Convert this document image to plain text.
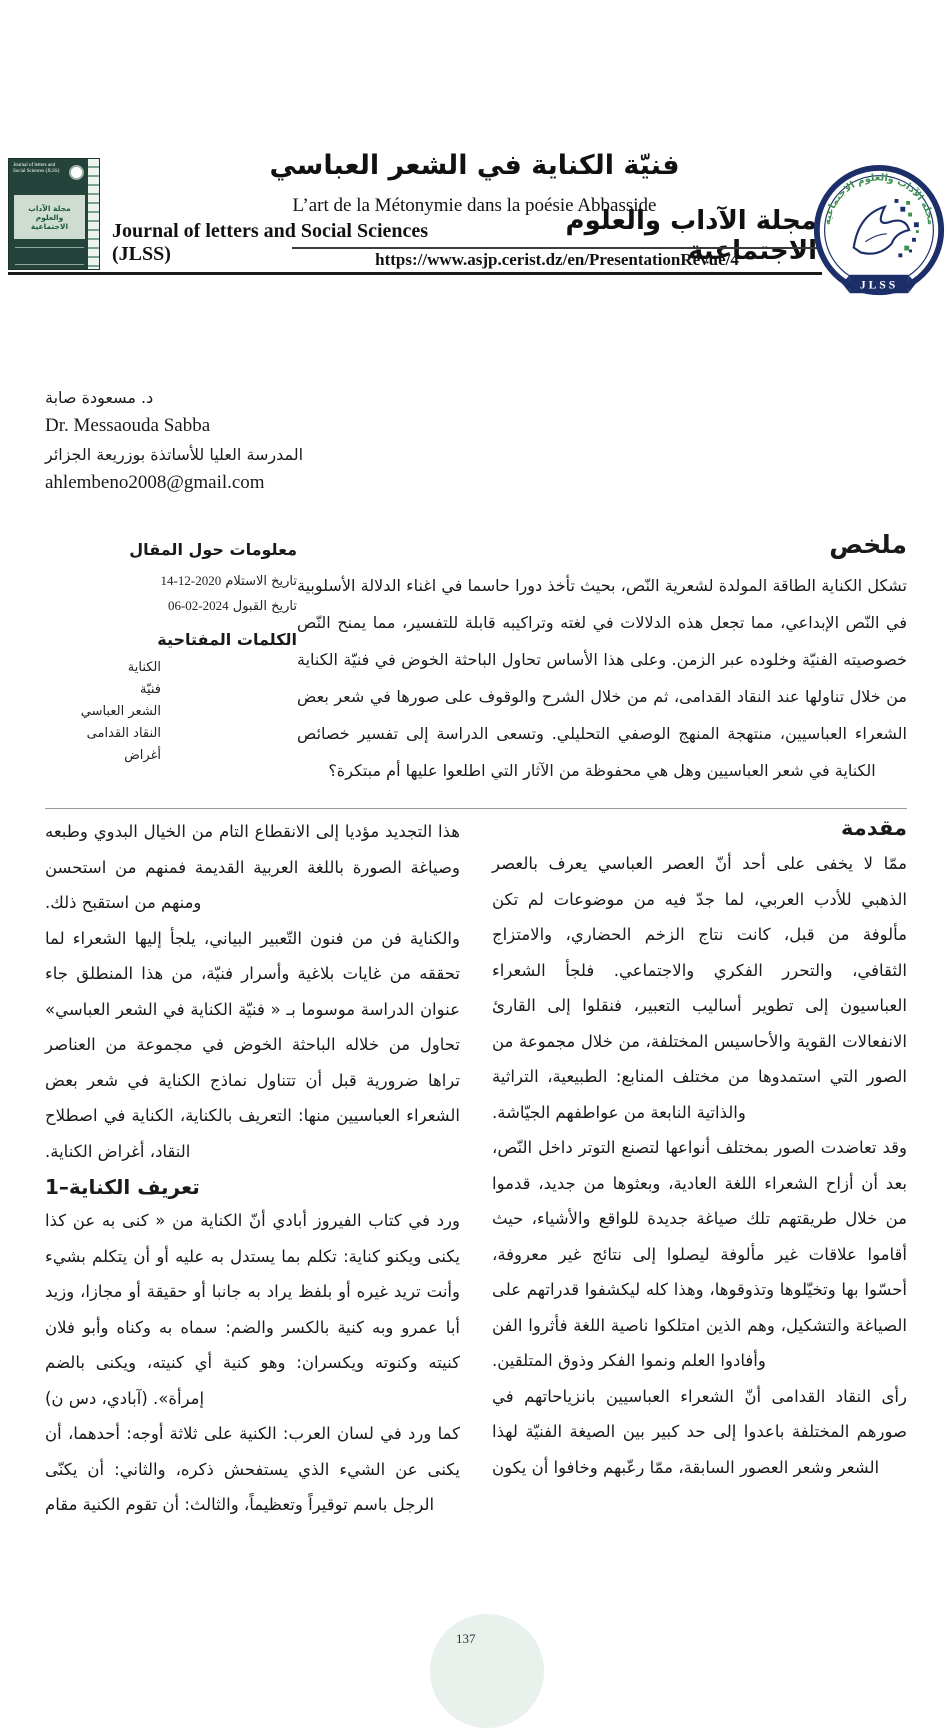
Journal of letters and Social Sciences (JLSS)
مجلة الآداب والعلوم الاجتماعية	Journal of letters and Social Sciences (JLSS)
مجلة الآداب والعلوم الاجتماعية
https://www.asjp.cerist.dz/en/PresentationRevue/4
مجلة الآداب والعلوم الاجتماعية
JLSS
فنيّة الكناية في الشعر العباسي
L’art de la Métonymie dans la poésie Abbasside
د. مسعودة صابة
Dr. Messaouda Sabba
المدرسة العليا للأساتذة بوزريعة الجزائر
ahlembeno2008@gmail.com
معلومات حول المقال
تاريخ الاستلام 2020-12-14
تاريخ القبول 2024-02-06
الكلمات المفتاحية
الكناية
فنيّة
الشعر العباسي
النقاد القدامى
أغراض
ملخص

تشكل الكناية الطاقة المولدة لشعرية النّص، بحيث تأخذ دورا حاسما في اغناء الدلالة الأسلوبية في النّص الإبداعي، مما تجعل هذه الدلالات في لغته وتراكيبه قابلة للتفسير، مما يمنح النّص خصوصيته الفنيّة وخلوده عبر الزمن. وعلى هذا الأساس تحاول الباحثة الخوض في فنيّة الكناية من خلال تناولها عند النقاد القدامى، ثم من خلال الشرح والوقوف على صورها في شعر بعض الشعراء العباسيين، منتهجة المنهج الوصفي التحليلي. وتسعى الدراسة إلى تفسير خصائص الكناية في شعر العباسيين وهل هي محفوظة من الآثار التي اطلعوا عليها أم مبتكرة؟

مقدمة

ممّا لا يخفى على أحد أنّ العصر العباسي يعرف بالعصر الذهبي للأدب العربي، لما جدّ فيه من موضوعات لم تكن مألوفة من قبل، كانت نتاج الزخم الحضاري، والامتزاج الثقافي، والتحرر الفكري والاجتماعي. فلجأ الشعراء العباسيون إلى تطوير أساليب التعبير، فنقلوا إلى القارئ الانفعالات القوية والأحاسيس المختلفة، من خلال مجموعة من الصور التي استمدوها من مختلف المنابع: الطبيعية، التراثية والذاتية النابعة من عواطفهم الجيّاشة.

وقد تعاضدت الصور بمختلف أنواعها لتصنع التوتر داخل النّص، بعد أن أزاح الشعراء اللغة العادية، وبعثوها من جديد، قدموا من خلال طريقتهم تلك صياغة جديدة للواقع والأشياء، حيث أقاموا علاقات غير مألوفة ليصلوا إلى نتائج غير معروفة، أحسّوا بها وتخيّلوها وتذوقوها، وهذا كله ليكشفوا قدراتهم على الصياغة والتشكيل، وهم الذين امتلكوا ناصية اللغة فأثروا الفن وأفادوا العلم ونموا الفكر وذوق المتلقين.

رأى النقاد القدامى أنّ الشعراء العباسيين بانزياحاتهم في صورهم المختلفة باعدوا إلى حد كبير بين الصيغة الفنيّة لهذا الشعر وشعر العصور السابقة، ممّا رعّبهم وخافوا أن يكون

هذا التجديد مؤديا إلى الانقطاع التام من الخيال البدوي وطبعه وصياغة الصورة باللغة العربية القديمة فمنهم من استحسن ومنهم من استقبح ذلك.

والكناية فن من فنون التّعبير البياني، يلجأ إليها الشعراء لما تحققه من غايات بلاغية وأسرار فنيّة، من هذا المنطلق جاء عنوان الدراسة موسوما بـ « فنيّة الكناية في الشعر العباسي» تحاول من خلاله الباحثة الخوض في مجموعة من العناصر تراها ضرورية قبل أن تتناول نماذج الكناية في شعر بعض الشعراء العباسيين منها: التعريف بالكناية، الكناية في اصطلاح النقاد، أغراض الكناية.

1–تعريف الكناية

ورد في كتاب الفيروز أبادي أنّ الكناية من « كنى به عن كذا يكنى ويكنو كناية: تكلم بما يستدل به عليه أو أن يتكلم بشيء وأنت تريد غيره أو بلفظ يراد به جانبا أو حقيقة أو مجازا، وزيد أبا عمرو وبه كنية بالكسر والضم: سماه به وكناه وأبو فلان كنيته وكنوته ويكسران: وهو كنية أي كنيته، ويكنى بالضم إمرأة». (آبادي، دس ن)

كما ورد في لسان العرب: الكنية على ثلاثة أوجه: أحدهما، أن يكنى عن الشيء الذي يستفحش ذكره، والثاني: أن يكنّى الرجل باسم توقيراً وتعظيماً، والثالث: أن تقوم الكنية مقام

137
